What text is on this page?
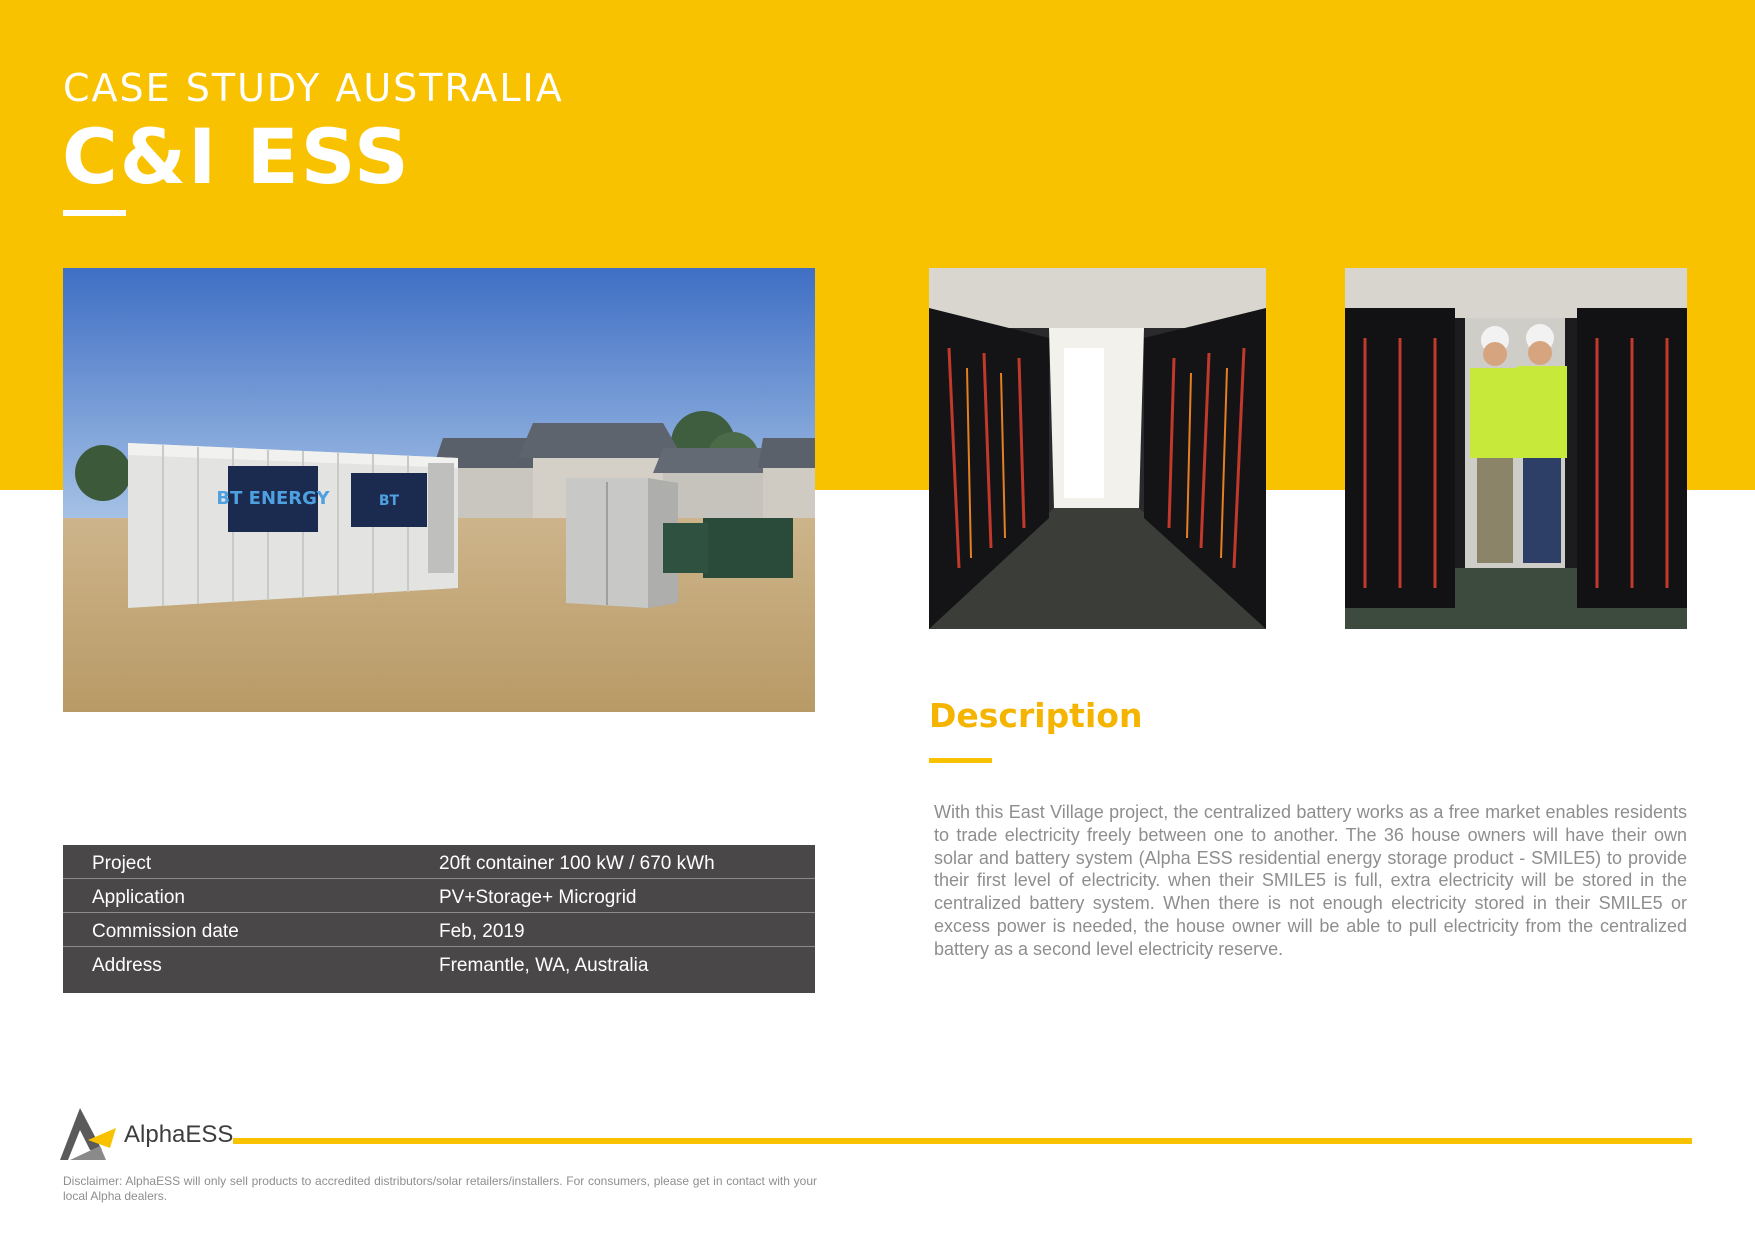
CASE STUDY AUSTRALIA
C&I ESS
BT ENERGY	BT
Project	20ft container 100 kW / 670 kWh
Application	PV+Storage+ Microgrid
Commission date	Feb, 2019
Address	Fremantle, WA, Australia
Description
With this East Village project, the centralized battery works as a free market enables residents to trade electricity freely between one to another. The 36 house owners will have their own solar and battery system (Alpha ESS residential energy storage product - SMILE5) to provide their first level of electricity. when their SMILE5 is full, extra electricity will be stored in the centralized battery system. When there is not enough electricity stored in their SMILE5 or excess power is needed, the house owner will be able to pull electricity from the centralized battery as a second level electricity reserve.
AlphaESS
Disclaimer: AlphaESS will only sell products to accredited distributors/solar retailers/installers. For consumers, please get in contact with your local Alpha dealers.
